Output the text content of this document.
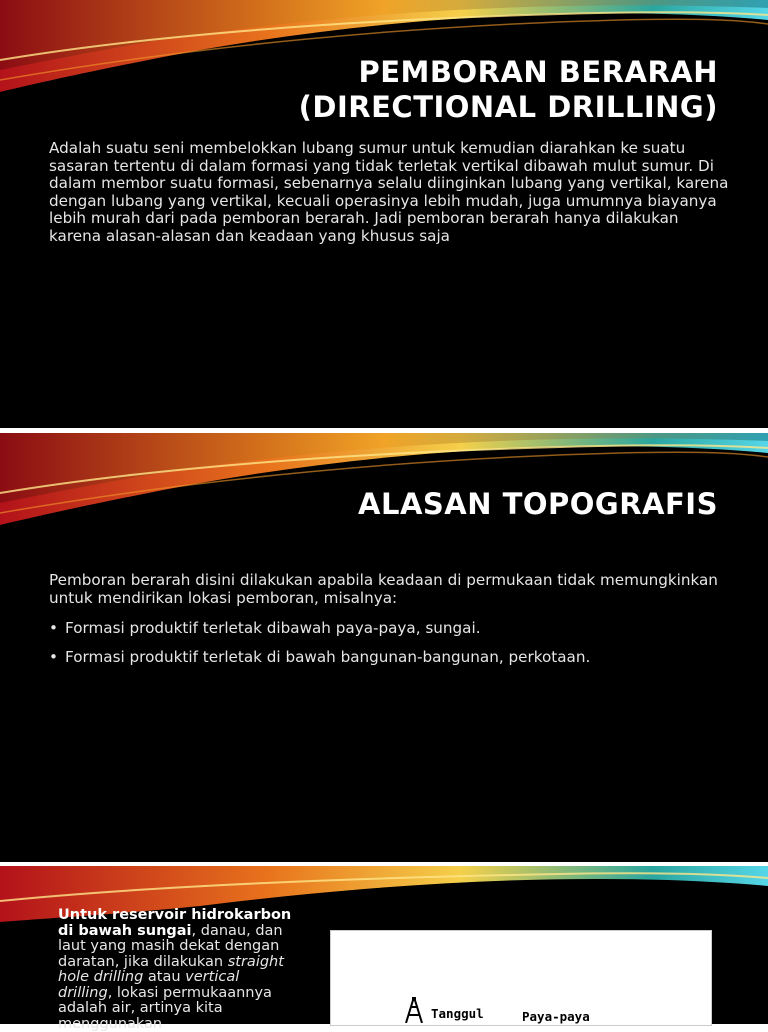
PEMBORAN BERARAH
(DIRECTIONAL DRILLING)
Adalah suatu seni membelokkan lubang sumur untuk kemudian diarahkan ke suatu sasaran tertentu di dalam formasi yang tidak terletak vertikal dibawah mulut sumur. Di dalam membor suatu formasi, sebenarnya selalu diinginkan lubang yang vertikal, karena dengan lubang yang vertikal, kecuali operasinya lebih mudah, juga umumnya biayanya lebih murah dari pada pemboran berarah. Jadi pemboran berarah hanya dilakukan karena alasan-alasan dan keadaan yang khusus saja
ALASAN TOPOGRAFIS
Pemboran berarah disini dilakukan apabila keadaan di permukaan tidak memungkinkan untuk mendirikan lokasi pemboran, misalnya:
• Formasi produktif terletak dibawah paya-paya, sungai.
• Formasi produktif terletak di bawah bangunan-bangunan, perkotaan.
Untuk reservoir hidrokarbon di bawah sungai, danau, dan laut yang masih dekat dengan daratan, jika dilakukan straight hole drilling atau vertical drilling, lokasi permukaannya adalah air, artinya kita menggunakan
Tanggul	Paya-paya
